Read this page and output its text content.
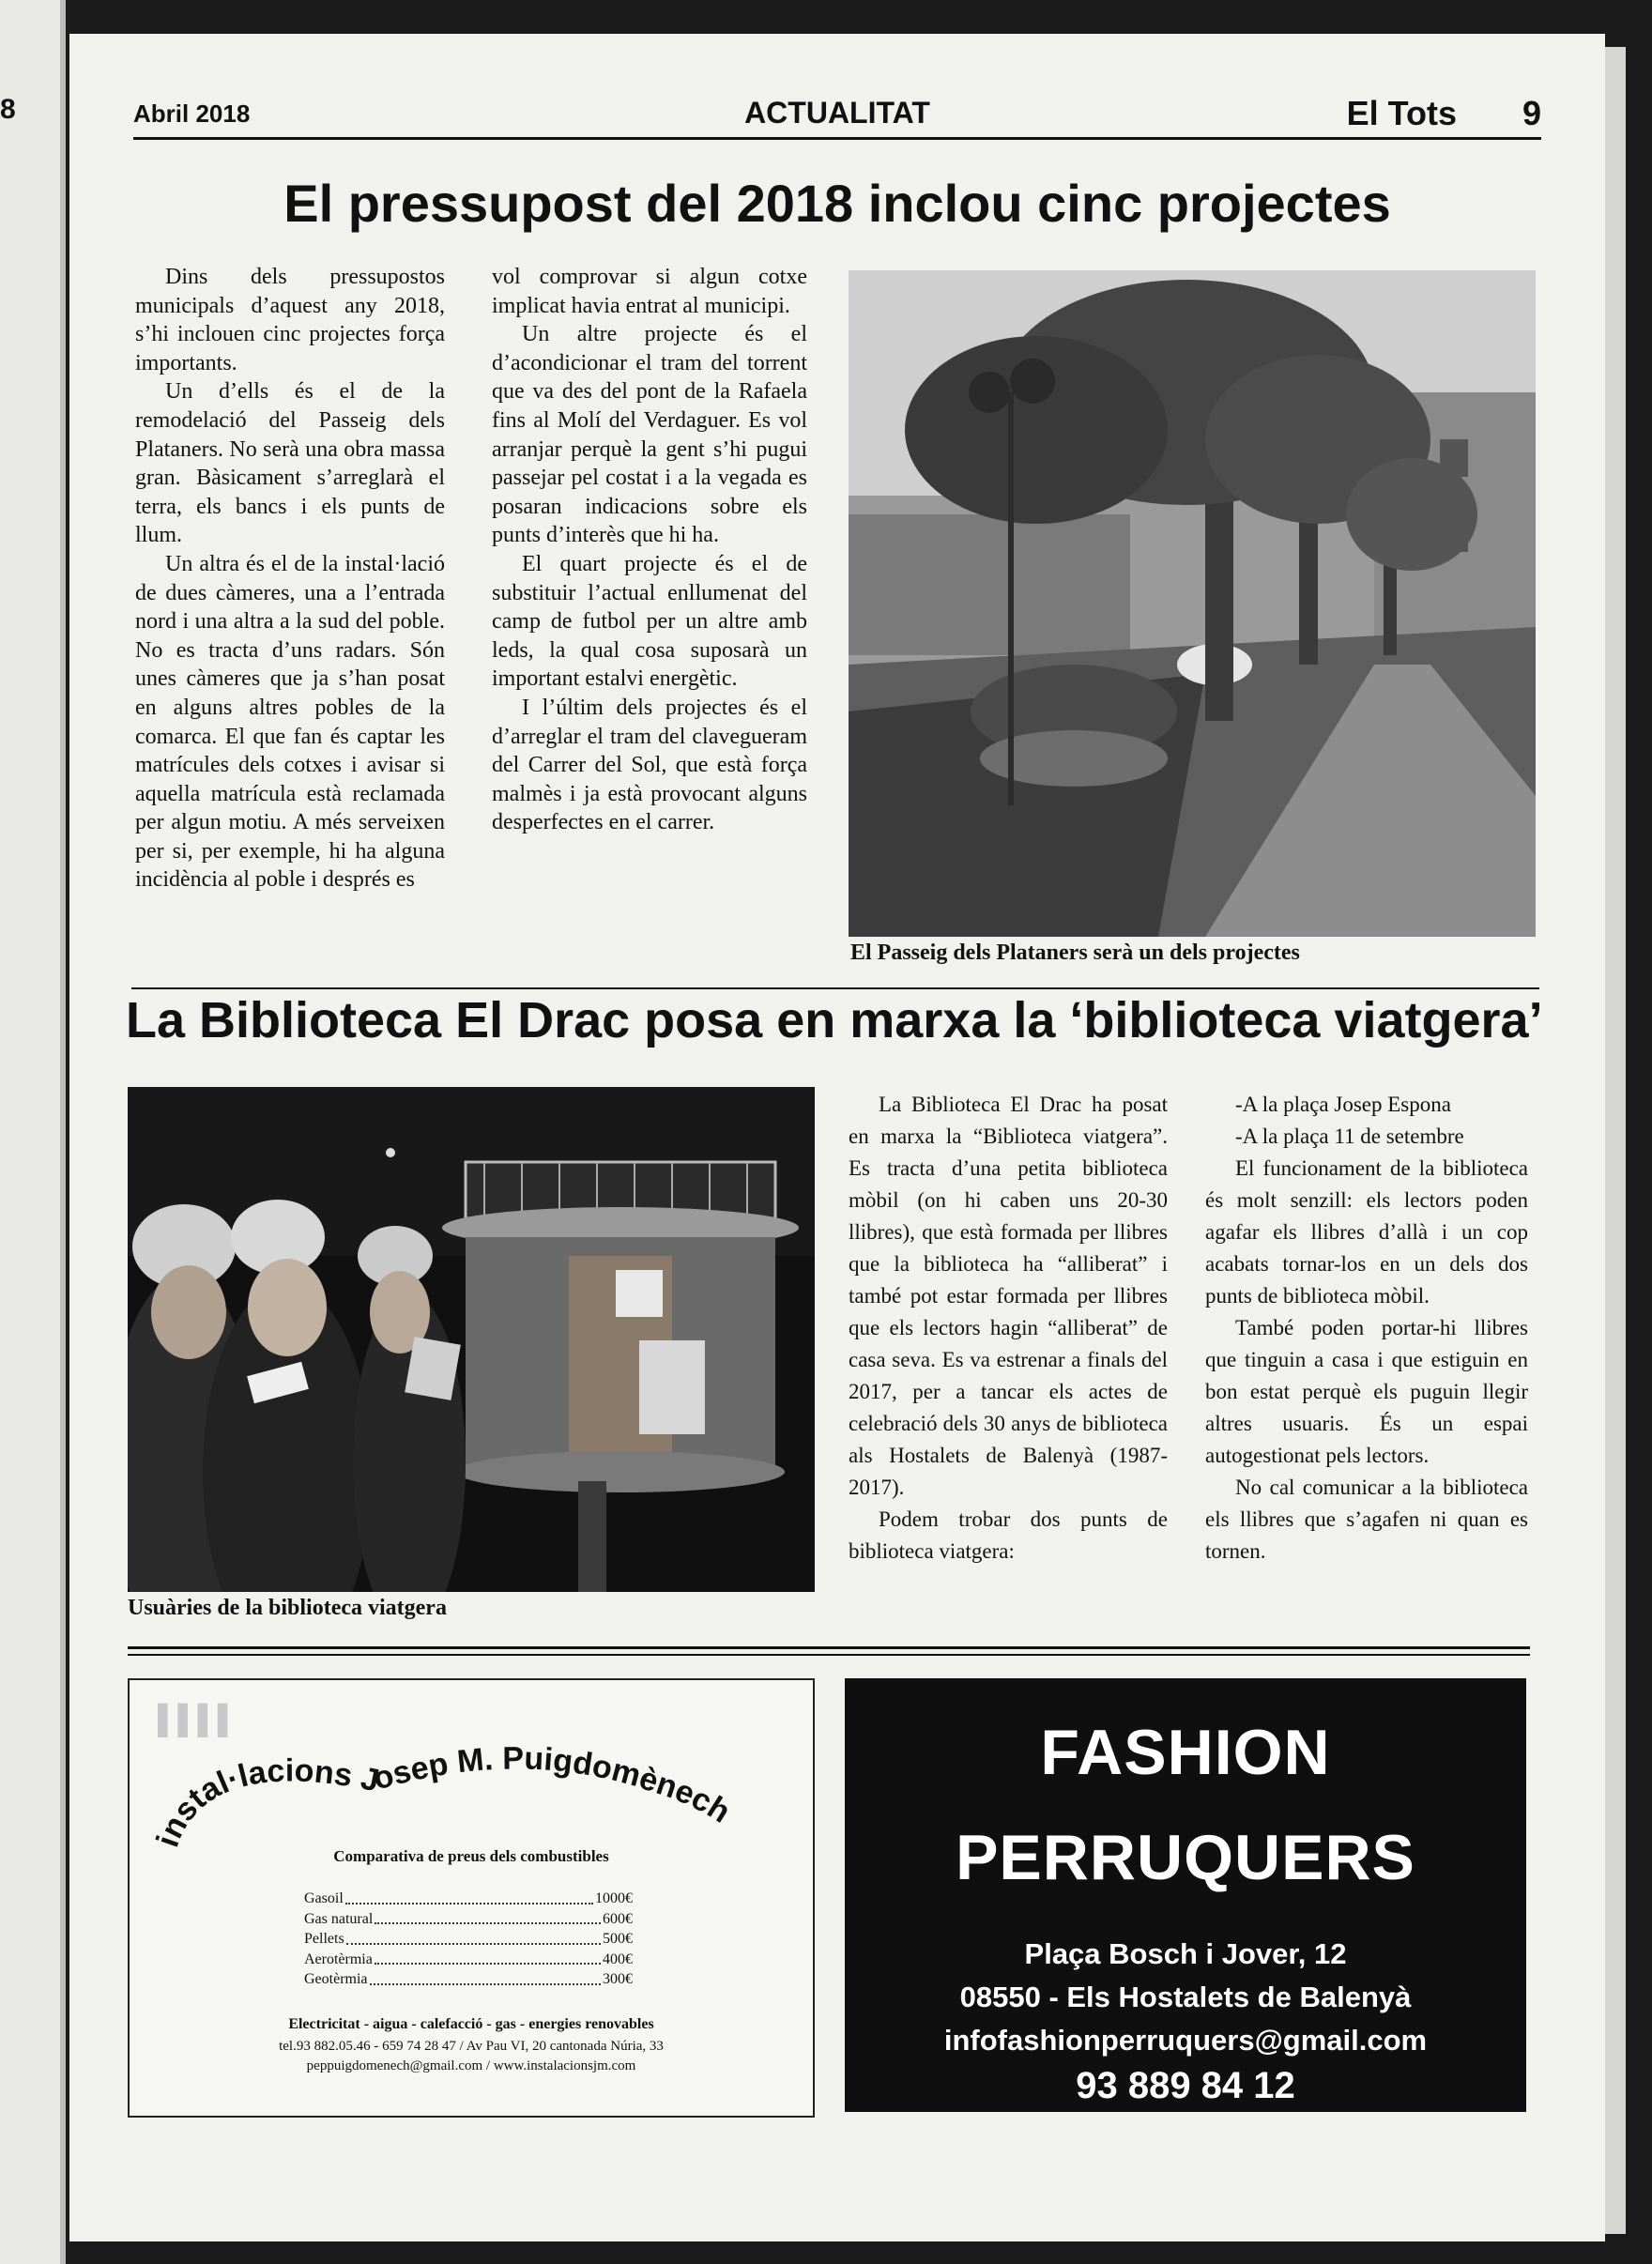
8	Abril 2018	ACTUALITAT	El Tots 9
El pressupost del 2018 inclou cinc projectes

Dins dels pressupostos municipals d’aquest any 2018, s’hi inclouen cinc projectes força importants.

Un d’ells és el de la remodelació del Passeig dels Plataners. No serà una obra massa gran. Bàsicament s’arreglarà el terra, els bancs i els punts de llum.

Un altra és el de la instal·lació de dues càmeres, una a l’entrada nord i una altra a la sud del poble. No es tracta d’uns radars. Són unes càmeres que ja s’han posat en alguns altres pobles de la comarca. El que fan és captar les matrícules dels cotxes i avisar si aquella matrícula està reclamada per algun motiu. A més serveixen per si, per exemple, hi ha alguna incidència al poble i després es

vol comprovar si algun cotxe implicat havia entrat al municipi.

Un altre projecte és el d’acondicionar el tram del torrent que va des del pont de la Rafaela fins al Molí del Verdaguer. Es vol arranjar perquè la gent s’hi pugui passejar pel costat i a la vegada es posaran indicacions sobre els punts d’interès que hi ha.

El quart projecte és el de substituir l’actual enllumenat del camp de futbol per un altre amb leds, la qual cosa suposarà un important estalvi energètic.

I l’últim dels projectes és el d’arreglar el tram del clavegueram del Carrer del Sol, que està força malmès i ja està provocant alguns desperfectes en el carrer.

El Passeig dels Plataners serà un dels projectes
La Biblioteca El Drac posa en marxa la ‘biblioteca viatgera’
Usuàries de la biblioteca viatgera

La Biblioteca El Drac ha posat en marxa la “Biblioteca viatgera”. Es tracta d’una petita biblioteca mòbil (on hi caben uns 20-30 llibres), que està formada per llibres que la biblioteca ha “alliberat” i també pot estar formada per llibres que els lectors hagin “alliberat” de casa seva. Es va estrenar a finals del 2017, per a tancar els actes de celebració dels 30 anys de biblioteca als Hostalets de Balenyà (1987-2017).

Podem trobar dos punts de biblioteca viatgera:

-A la plaça Josep Espona

-A la plaça 11 de setembre

El funcionament de la biblioteca és molt senzill: els lectors poden agafar els llibres d’allà i un cop acabats tornar-los en un dels dos punts de biblioteca mòbil.

També poden portar-hi llibres que tinguin a casa i que estiguin en bon estat perquè els puguin llegir altres usuaris. És un espai autogestionat pels lectors.

No cal comunicar a la biblioteca els llibres que s’agafen ni quan es tornen.

▌▌▌▌
instal·lacions Josep M. Puigdomènech
Comparativa de preus dels combustibles
Gasoil	1000€
Gas natural	600€
Pellets	500€
Aerotèrmia	400€
Geotèrmia	300€
Electricitat - aigua - calefacció - gas - energies renovables
tel.93 882.05.46 - 659 74 28 47 / Av Pau VI, 20 cantonada Núria, 33
peppuigdomenech@gmail.com / www.instalacionsjm.com
FASHION
PERRUQUERS
Plaça Bosch i Jover, 12
08550 - Els Hostalets de Balenyà
infofashionperruquers@gmail.com
93 889 84 12
